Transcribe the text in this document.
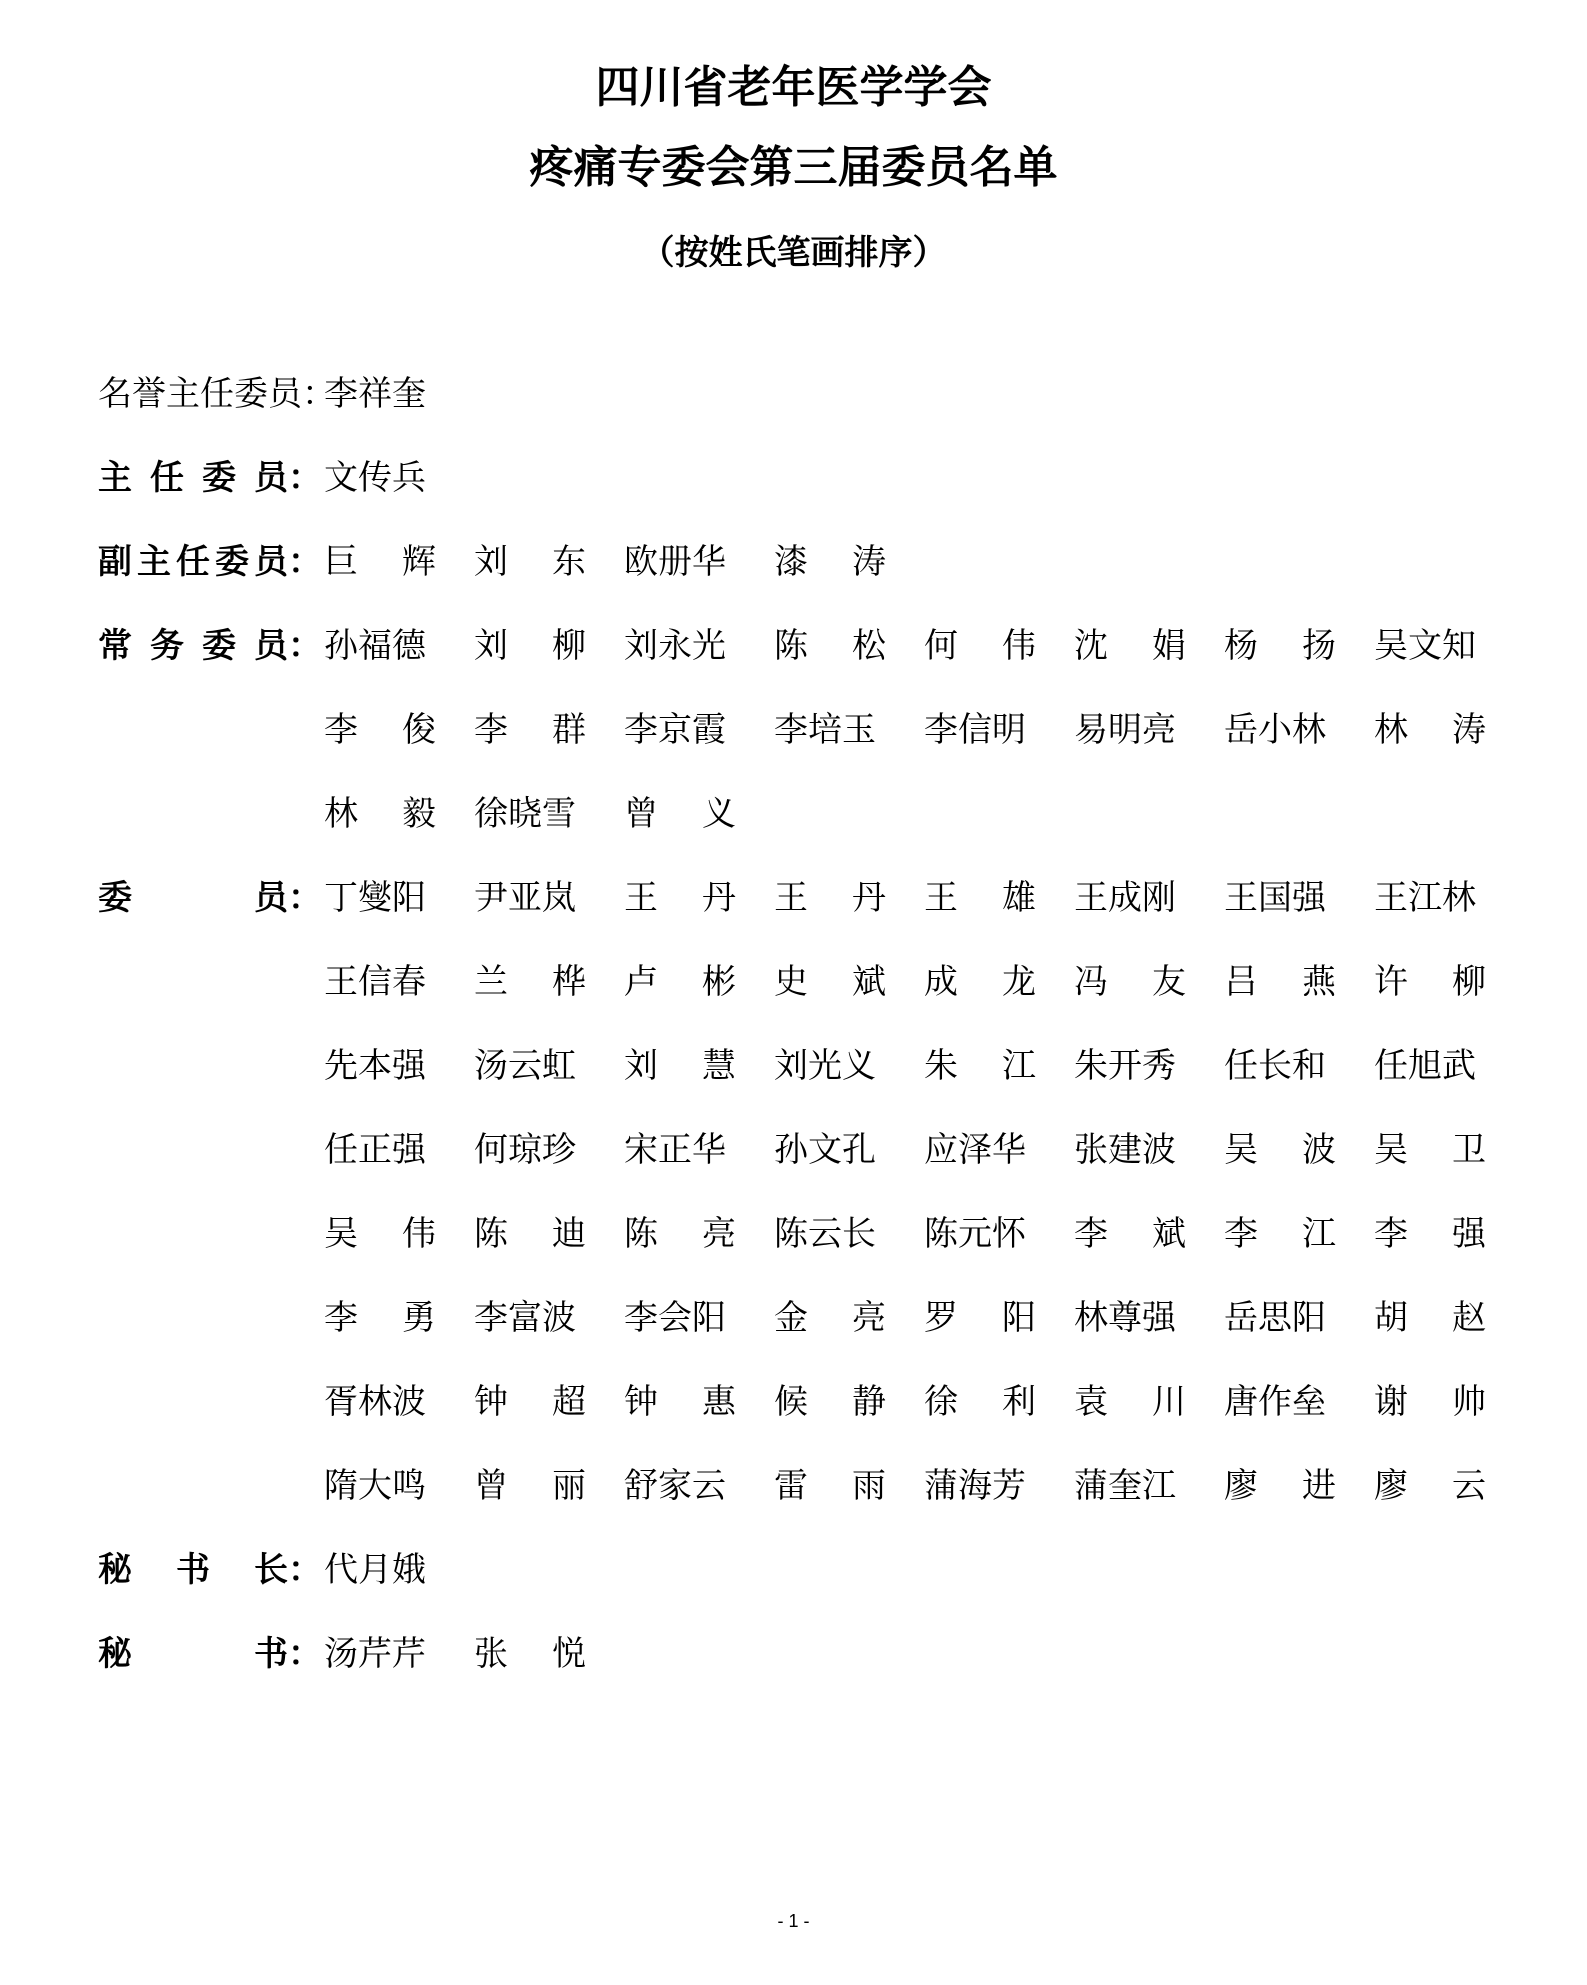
四川省老年医学学会
疼痛专委会第三届委员名单
（按姓氏笔画排序）
名誉主任委员：
李祥奎
主任委员： 文传兵
副主任委员： 巨辉 刘东 欧册华 漆涛
常务委员： 孙福德 刘柳 刘永光 陈松 何伟 沈娟 杨扬 吴文知
李俊 李群 李京霞 李培玉 李信明 易明亮 岳小林 林涛
林毅 徐晓雪 曾义
委员： 丁燮阳 尹亚岚 王丹 王丹 王雄 王成刚 王国强 王江林
王信春 兰桦 卢彬 史斌 成龙 冯友 吕燕 许柳
先本强 汤云虹 刘慧 刘光义 朱江 朱开秀 任长和 任旭武
任正强 何琼珍 宋正华 孙文孔 应泽华 张建波 吴波 吴卫
吴伟 陈迪 陈亮 陈云长 陈元怀 李斌 李江 李强
李勇 李富波 李会阳 金亮 罗阳 林尊强 岳思阳 胡赵
胥林波 钟超 钟惠 候静 徐利 袁川 唐作垒 谢帅
隋大鸣 曾丽 舒家云 雷雨 蒲海芳 蒲奎江 廖进 廖云
秘书长： 代月娥
秘书： 汤芹芹 张悦
- 1 -
